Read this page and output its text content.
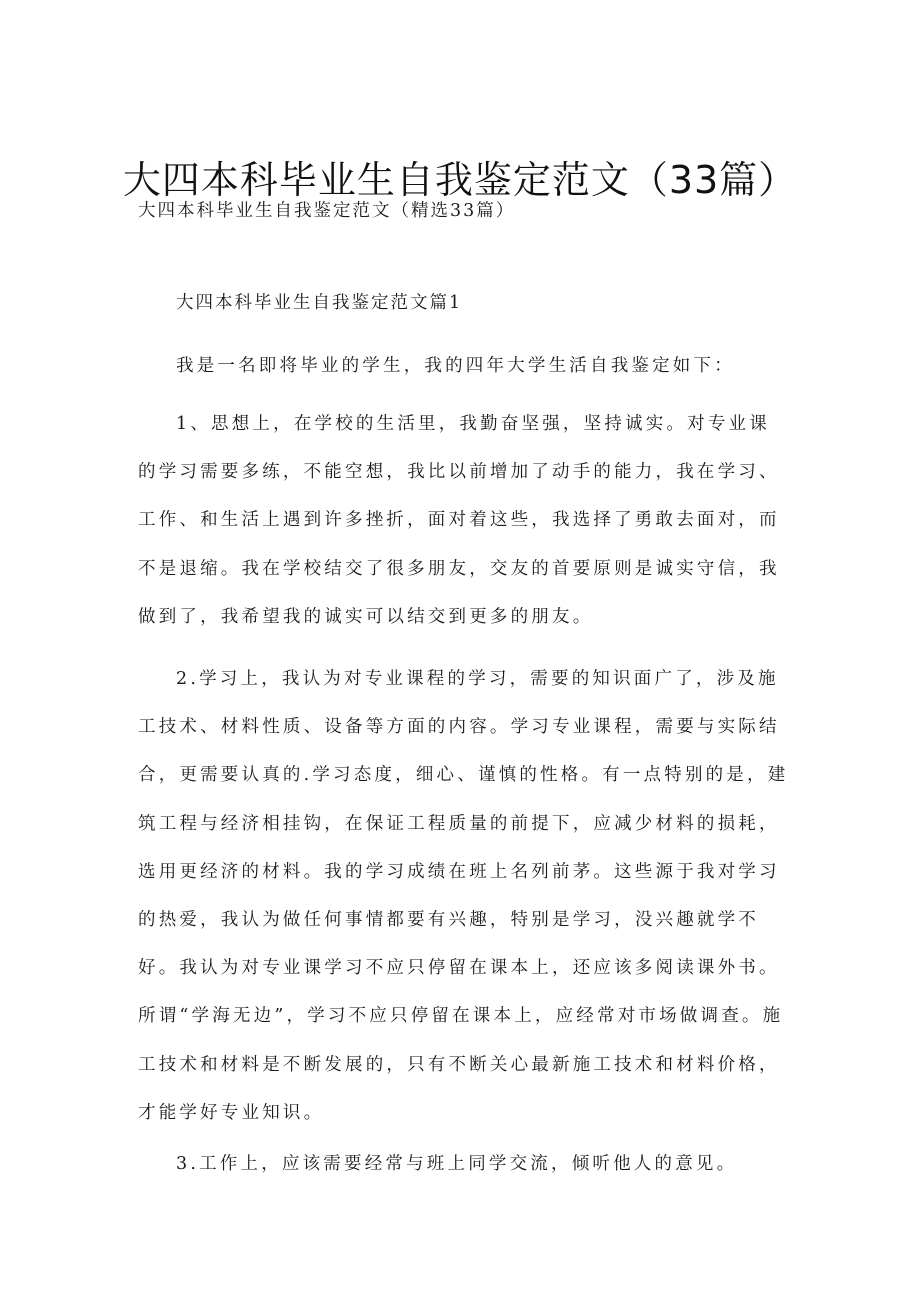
大四本科毕业生自我鉴定范文（33篇）
大四本科毕业生自我鉴定范文（精选33篇）
大四本科毕业生自我鉴定范文篇1

我是一名即将毕业的学生，我的四年大学生活自我鉴定如下：

1、思想上，在学校的生活里，我勤奋坚强，坚持诚实。对专业课的学习需要多练，不能空想，我比以前增加了动手的能力，我在学习、工作、和生活上遇到许多挫折，面对着这些，我选择了勇敢去面对，而不是退缩。我在学校结交了很多朋友，交友的首要原则是诚实守信，我做到了，我希望我的诚实可以结交到更多的朋友。

2.学习上，我认为对专业课程的学习，需要的知识面广了，涉及施工技术、材料性质、设备等方面的内容。学习专业课程，需要与实际结合，更需要认真的.学习态度，细心、谨慎的性格。有一点特别的是，建筑工程与经济相挂钩，在保证工程质量的前提下，应减少材料的损耗，选用更经济的材料。我的学习成绩在班上名列前茅。这些源于我对学习的热爱，我认为做任何事情都要有兴趣，特别是学习，没兴趣就学不好。我认为对专业课学习不应只停留在课本上，还应该多阅读课外书。所谓“学海无边”，学习不应只停留在课本上，应经常对市场做调查。施工技术和材料是不断发展的，只有不断关心最新施工技术和材料价格，才能学好专业知识。

3.工作上，应该需要经常与班上同学交流，倾听他人的意见。
